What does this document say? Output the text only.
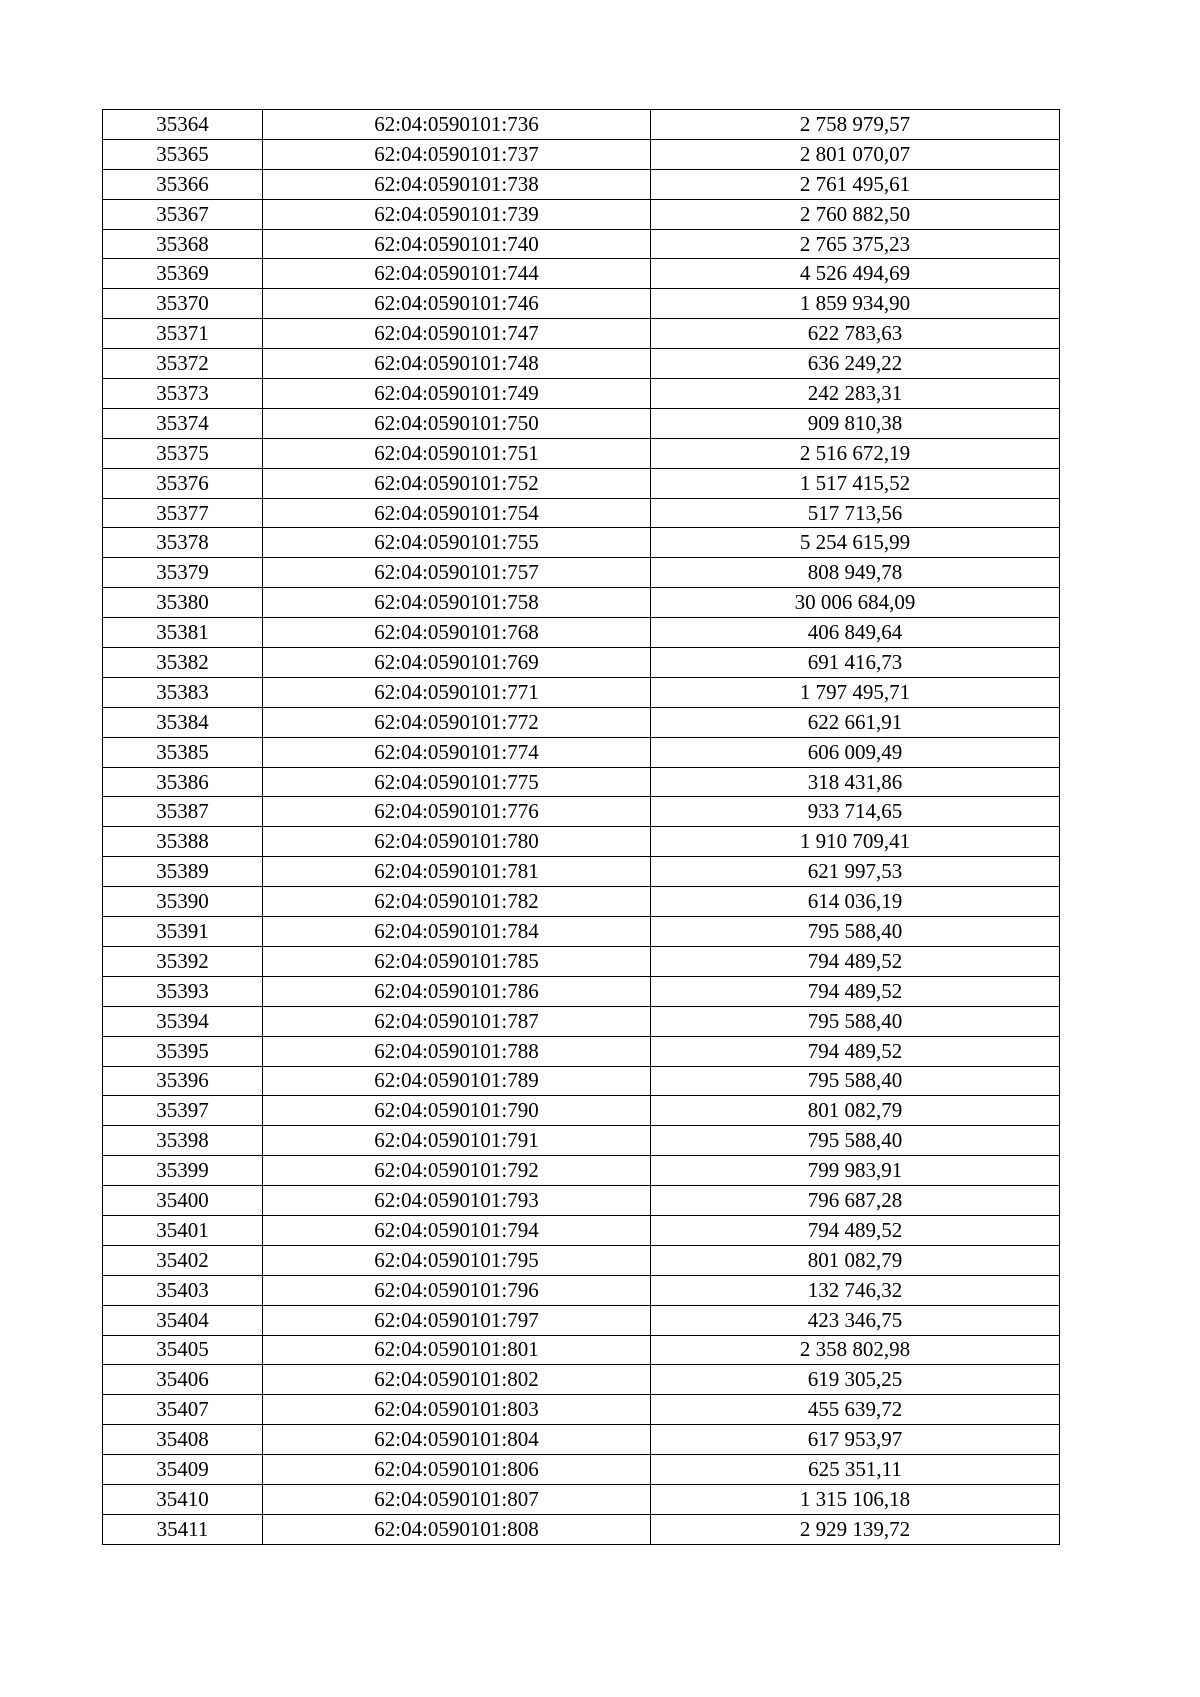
35364	62:04:0590101:736	2 758 979,57
35365	62:04:0590101:737	2 801 070,07
35366	62:04:0590101:738	2 761 495,61
35367	62:04:0590101:739	2 760 882,50
35368	62:04:0590101:740	2 765 375,23
35369	62:04:0590101:744	4 526 494,69
35370	62:04:0590101:746	1 859 934,90
35371	62:04:0590101:747	622 783,63
35372	62:04:0590101:748	636 249,22
35373	62:04:0590101:749	242 283,31
35374	62:04:0590101:750	909 810,38
35375	62:04:0590101:751	2 516 672,19
35376	62:04:0590101:752	1 517 415,52
35377	62:04:0590101:754	517 713,56
35378	62:04:0590101:755	5 254 615,99
35379	62:04:0590101:757	808 949,78
35380	62:04:0590101:758	30 006 684,09
35381	62:04:0590101:768	406 849,64
35382	62:04:0590101:769	691 416,73
35383	62:04:0590101:771	1 797 495,71
35384	62:04:0590101:772	622 661,91
35385	62:04:0590101:774	606 009,49
35386	62:04:0590101:775	318 431,86
35387	62:04:0590101:776	933 714,65
35388	62:04:0590101:780	1 910 709,41
35389	62:04:0590101:781	621 997,53
35390	62:04:0590101:782	614 036,19
35391	62:04:0590101:784	795 588,40
35392	62:04:0590101:785	794 489,52
35393	62:04:0590101:786	794 489,52
35394	62:04:0590101:787	795 588,40
35395	62:04:0590101:788	794 489,52
35396	62:04:0590101:789	795 588,40
35397	62:04:0590101:790	801 082,79
35398	62:04:0590101:791	795 588,40
35399	62:04:0590101:792	799 983,91
35400	62:04:0590101:793	796 687,28
35401	62:04:0590101:794	794 489,52
35402	62:04:0590101:795	801 082,79
35403	62:04:0590101:796	132 746,32
35404	62:04:0590101:797	423 346,75
35405	62:04:0590101:801	2 358 802,98
35406	62:04:0590101:802	619 305,25
35407	62:04:0590101:803	455 639,72
35408	62:04:0590101:804	617 953,97
35409	62:04:0590101:806	625 351,11
35410	62:04:0590101:807	1 315 106,18
35411	62:04:0590101:808	2 929 139,72
